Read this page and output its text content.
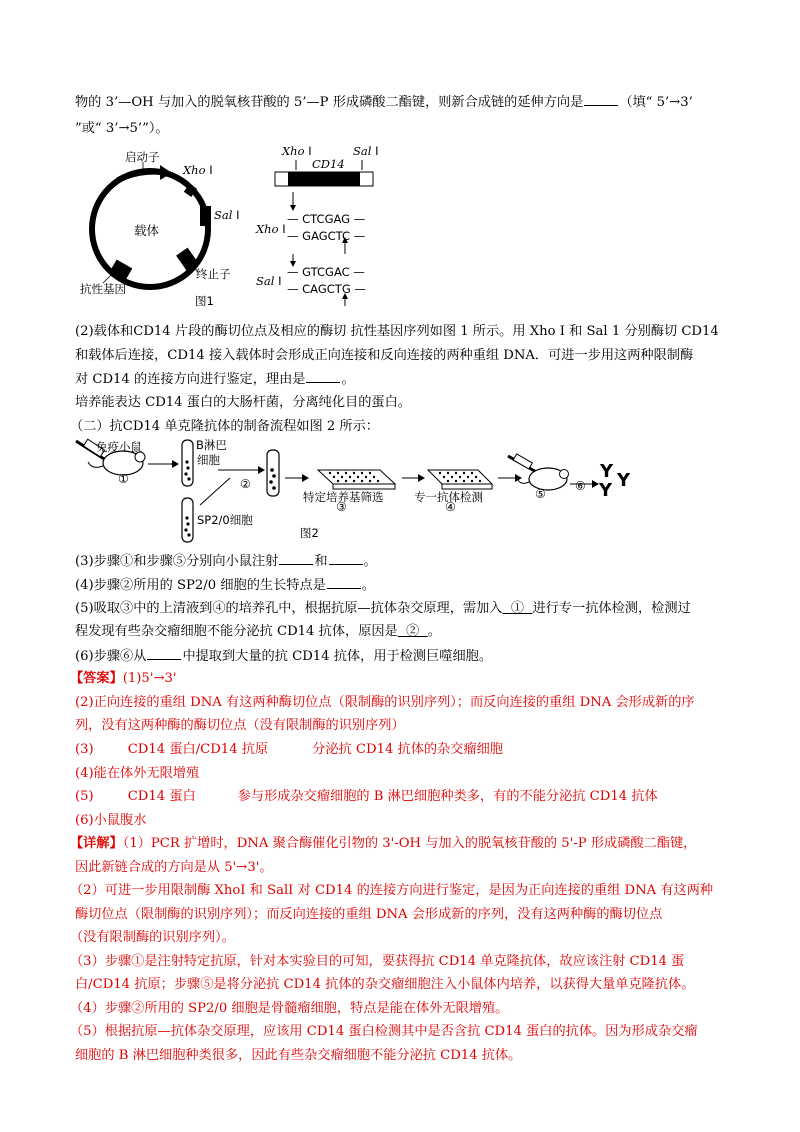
物的 3’—OH 与加入的脱氧核苷酸的 5’—P 形成磷酸二酯键，则新合成链的延伸方向是	（填“ 5’→3’
”或“ 3’→5’”）。
启动子
Xho I
Sal I
载体
终止子
抗性基因
图1
Xho I	Sal I
CD14
Xho I
— CTCGAG —
— GAGCTC —
Sal I
— GTCGAC —
— CAGCTG —
(2)载体和CD14 片段的酶切位点及相应的酶切 抗性基因序列如图 1 所示。用 Xho I 和 Sal 1 分别酶切 CD14
和载体后连接，CD14 接入载体时会形成正向连接和反向连接的两种重组 DNA．可进一步用这两种限制酶
对 CD14 的连接方向进行鉴定，理由是	。
培养能表达 CD14 蛋白的大肠杆菌，分离纯化目的蛋白。
（二）抗CD14 单克隆抗体的制备流程如图 2 所示：
免疫小鼠
①
B淋巴
细胞
②
SP2/0细胞
特定培养基筛选
③
专一抗体检测
④
⑤
⑥
Y Y
Y
图2
(3)步骤①和步骤⑤分别向小鼠注射	和	。
(4)步骤②所用的 SP2/0 细胞的生长特点是	。
(5)吸取③中的上清液到④的培养孔中，根据抗原—抗体杂交原理，需加入  ①  进行专一抗体检测，检测过
程发现有些杂交瘤细胞不能分泌抗 CD14 抗体，原因是  ②  。
(6)步骤⑥从	中提取到大量的抗 CD14 抗体，用于检测巨噬细胞。
【答案】(1)5'→3'
(2)正向连接的重组 DNA 有这两种酶切位点（限制酶的识别序列）；而反向连接的重组 DNA 会形成新的序
列，没有这两种酶的酶切位点（没有限制酶的识别序列）
(3)	CD14 蛋白/CD14 抗原	分泌抗 CD14 抗体的杂交瘤细胞
(4)能在体外无限增殖
(5)	CD14 蛋白	参与形成杂交瘤细胞的 B 淋巴细胞种类多，有的不能分泌抗 CD14 抗体
(6)小鼠腹水
【详解】（1）PCR 扩增时，DNA 聚合酶催化引物的 3'-OH 与加入的脱氧核苷酸的 5'-P 形成磷酸二酯键，
因此新链合成的方向是从 5'→3'。
（2）可进一步用限制酶 XhoI 和 SalI 对 CD14 的连接方向进行鉴定，是因为正向连接的重组 DNA 有这两种
酶切位点（限制酶的识别序列）；而反向连接的重组 DNA 会形成新的序列，没有这两种酶的酶切位点
（没有限制酶的识别序列）。
（3）步骤①是注射特定抗原，针对本实验目的可知，要获得抗 CD14 单克隆抗体，故应该注射 CD14 蛋
白/CD14 抗原；步骤⑤是将分泌抗 CD14 抗体的杂交瘤细胞注入小鼠体内培养，以获得大量单克隆抗体。
（4）步骤②所用的 SP2/0 细胞是骨髓瘤细胞，特点是能在体外无限增殖。
（5）根据抗原—抗体杂交原理，应该用 CD14 蛋白检测其中是否含抗 CD14 蛋白的抗体。因为形成杂交瘤
细胞的 B 淋巴细胞种类很多，因此有些杂交瘤细胞不能分泌抗 CD14 抗体。
